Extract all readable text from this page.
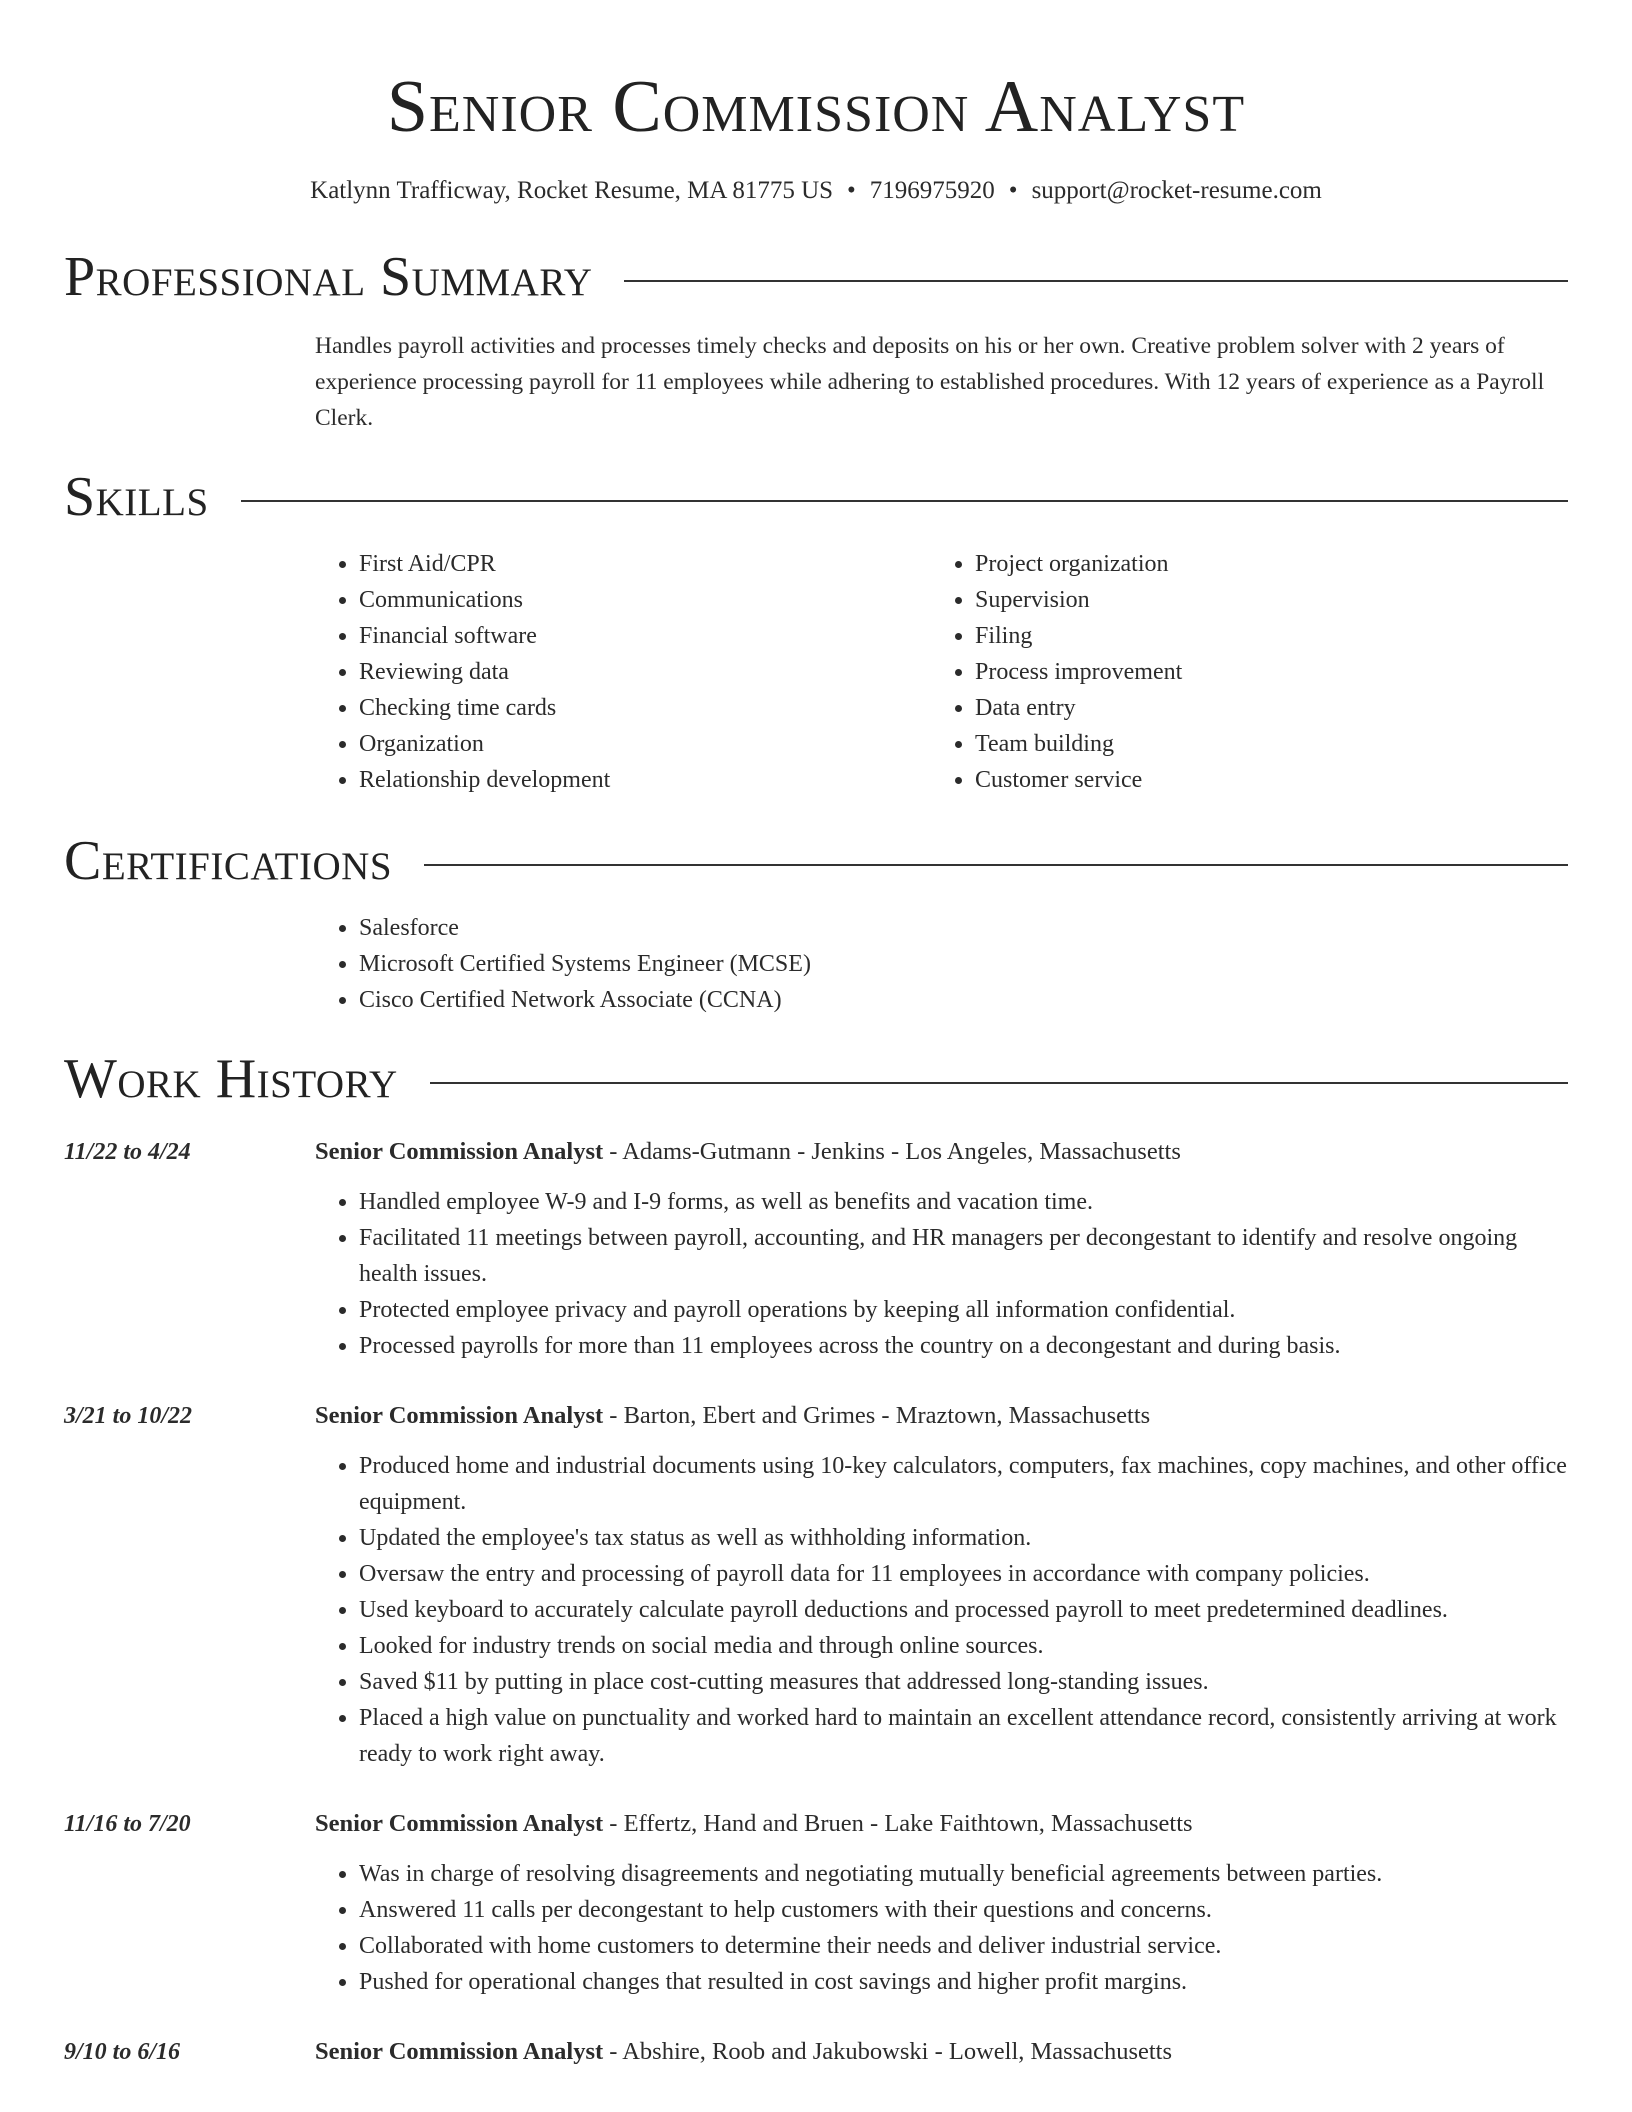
Senior Commission Analyst
Katlynn Trafficway, Rocket Resume, MA 81775 US • 7196975920 • support@rocket-resume.com
Professional Summary
Handles payroll activities and processes timely checks and deposits on his or her own. Creative problem solver with 2 years of experience processing payroll for 11 employees while adhering to established procedures. With 12 years of experience as a Payroll Clerk.
Skills
• First Aid/CPR
• Communications
• Financial software
• Reviewing data
• Checking time cards
• Organization
• Relationship development
• Project organization
• Supervision
• Filing
• Process improvement
• Data entry
• Team building
• Customer service
Certifications
• Salesforce
• Microsoft Certified Systems Engineer (MCSE)
• Cisco Certified Network Associate (CCNA)
Work History
11/22 to 4/24	Senior Commission Analyst - Adams-Gutmann - Jenkins - Los Angeles, Massachusetts
• Handled employee W-9 and I-9 forms, as well as benefits and vacation time.
• Facilitated 11 meetings between payroll, accounting, and HR managers per decongestant to identify and resolve ongoing health issues.
• Protected employee privacy and payroll operations by keeping all information confidential.
• Processed payrolls for more than 11 employees across the country on a decongestant and during basis.
3/21 to 10/22	Senior Commission Analyst - Barton, Ebert and Grimes - Mraztown, Massachusetts
• Produced home and industrial documents using 10-key calculators, computers, fax machines, copy machines, and other office equipment.
• Updated the employee's tax status as well as withholding information.
• Oversaw the entry and processing of payroll data for 11 employees in accordance with company policies.
• Used keyboard to accurately calculate payroll deductions and processed payroll to meet predetermined deadlines.
• Looked for industry trends on social media and through online sources.
• Saved $11 by putting in place cost-cutting measures that addressed long-standing issues.
• Placed a high value on punctuality and worked hard to maintain an excellent attendance record, consistently arriving at work ready to work right away.
11/16 to 7/20	Senior Commission Analyst - Effertz, Hand and Bruen - Lake Faithtown, Massachusetts
• Was in charge of resolving disagreements and negotiating mutually beneficial agreements between parties.
• Answered 11 calls per decongestant to help customers with their questions and concerns.
• Collaborated with home customers to determine their needs and deliver industrial service.
• Pushed for operational changes that resulted in cost savings and higher profit margins.
9/10 to 6/16	Senior Commission Analyst - Abshire, Roob and Jakubowski - Lowell, Massachusetts
